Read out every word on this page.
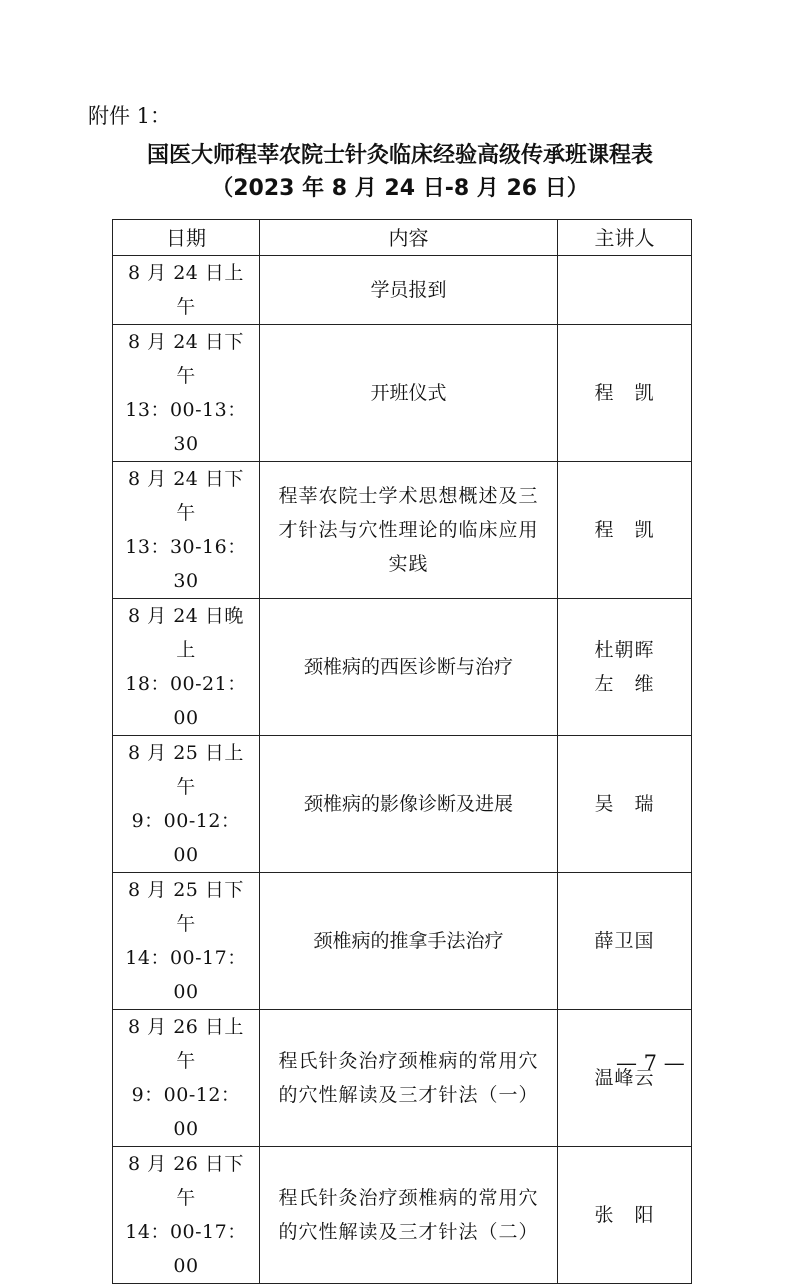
附件 1：
国医大师程莘农院士针灸临床经验高级传承班课程表
（2023 年 8 月 24 日-8 月 26 日）
日期	内容	主讲人

8 月 24 日上午	学员报到	

8 月 24 日下午
13：00-13：30	开班仪式	程　凯

8 月 24 日下午
13：30-16：30	程莘农院士学术思想概述及三
才针法与穴性理论的临床应用
实践	程　凯

8 月 24 日晚上
18：00-21：00	颈椎病的西医诊断与治疗	杜朝晖
左　维

8 月 25 日上午
9：00-12：00	颈椎病的影像诊断及进展	吴　瑞

8 月 25 日下午
14：00-17：00	颈椎病的推拿手法治疗	薛卫国

8 月 26 日上午
9：00-12：00	程氏针灸治疗颈椎病的常用穴
的穴性解读及三才针法（一）	温峰云

8 月 26 日下午
14：00-17：00	程氏针灸治疗颈椎病的常用穴
的穴性解读及三才针法（二）	张　阳
— 7 —
